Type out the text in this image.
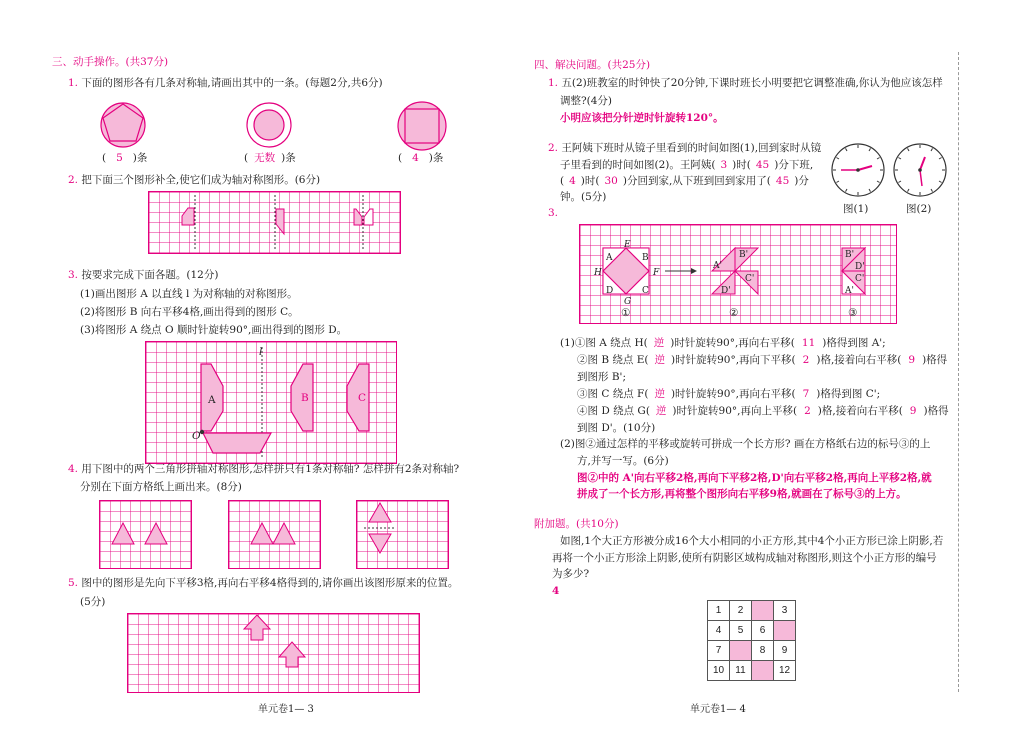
三、动手操作。(共37分)
1. 下面的图形各有几条对称轴,请画出其中的一条。(每题2分,共6分)
( 5 )条	( 无数 )条	( 4 )条
2. 把下面三个图形补全,使它们成为轴对称图形。(6分)
3. 按要求完成下面各题。(12分)
(1)画出图形 A 以直线 l 为对称轴的对称图形。
(2)将图形 B 向右平移4格,画出得到的图形 C。
(3)将图形 A 绕点 O 顺时针旋转90°,画出得到的图形 D。
l
A	B	C
O
4. 用下图中的两个三角形拼轴对称图形,怎样拼只有1条对称轴? 怎样拼有2条对称轴?
分别在下面方格纸上画出来。(8分)
5. 图中的图形是先向下平移3格,再向右平移4格得到的,请你画出该图形原来的位置。
(5分)
单元卷1— 3
四、解决问题。(共25分)
1. 五(2)班教室的时钟快了20分钟,下课时班长小明要把它调整准确,你认为他应该怎样
调整?(4分)
小明应该把分针逆时针旋转120°。
2. 王阿姨下班时从镜子里看到的时间如图(1),回到家时从镜
子里看到的时间如图(2)。王阿姨( 3 )时( 45 )分下班,
( 4 )时( 30 )分回到家,从下班到回到家用了( 45 )分
钟。(5分)
图(1)	图(2)
3.
E
H	F
G
A	B
C
D
A'
B'
C'
D'
B'
D'
C'
A'
①	②	③
(1)①图 A 绕点 H( 逆 )时针旋转90°,再向右平移( 11 )格得到图 A';
②图 B 绕点 E( 逆 )时针旋转90°,再向下平移( 2 )格,接着向右平移( 9 )格得
到图形 B';
③图 C 绕点 F( 逆 )时针旋转90°,再向右平移( 7 )格得到图 C';
④图 D 绕点 G( 逆 )时针旋转90°,再向上平移( 2 )格,接着向右平移( 9 )格得
到图 D'。(10分)
(2)图②通过怎样的平移或旋转可拼成一个长方形? 画在方格纸右边的标号③的上
方,并写一写。(6分)
图②中的 A'向右平移2格,再向下平移2格,D'向右平移2格,再向上平移2格,就
拼成了一个长方形,再将整个图形向右平移9格,就画在了标号③的上方。
附加题。(共10分)
如图,1个大正方形被分成16个大小相同的小正方形,其中4个小正方形已涂上阴影,若
再将一个小正方形涂上阴影,使所有阴影区域构成轴对称图形,则这个小正方形的编号
为多少?
4
1	2		3
4	5	6	
7		8	9
10	11		12
单元卷1— 4
